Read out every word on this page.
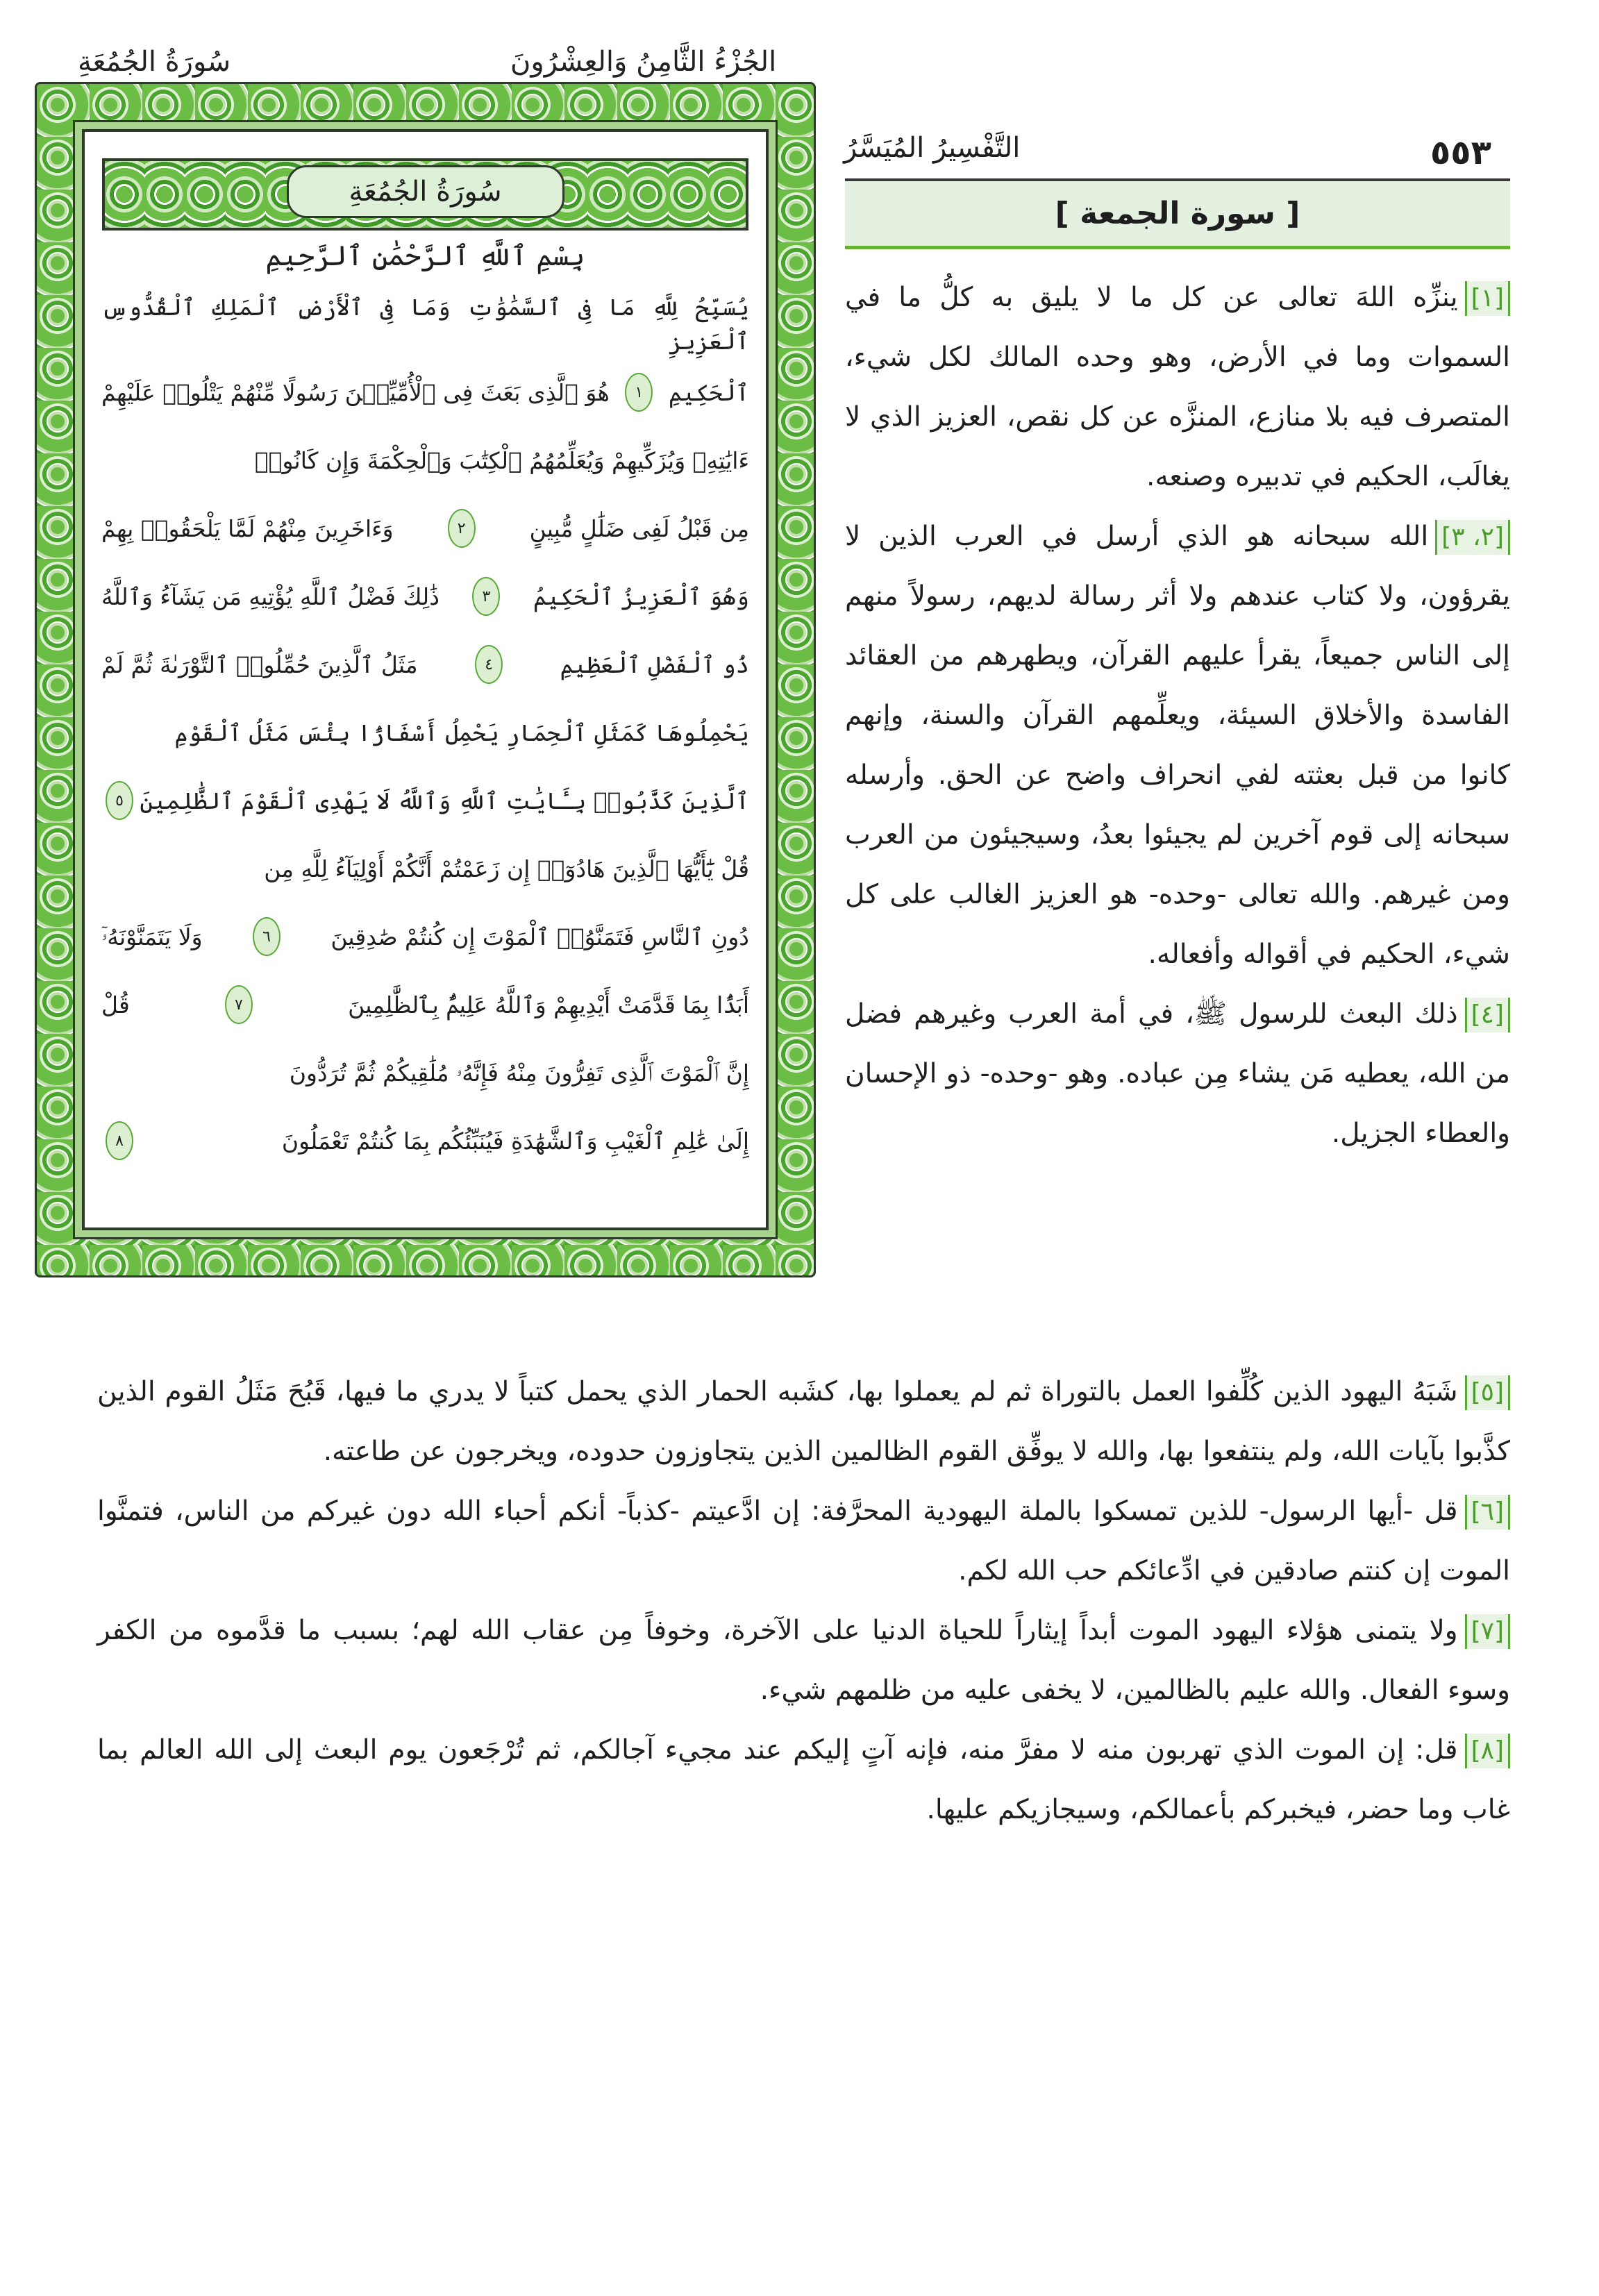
الجُزْءُ الثَّامِنُ وَالعِشْرُونَ
سُورَةُ الجُمُعَةِ
سُورَةُ الجُمُعَةِ
بِسْمِ ٱللَّهِ ٱلرَّحْمَٰنِ ٱلرَّحِيمِ
يُسَبِّحُ لِلَّهِ مَا فِى ٱلسَّمَٰوَٰتِ وَمَا فِى ٱلْأَرْضِ ٱلْمَلِكِ ٱلْقُدُّوسِ ٱلْعَزِيزِ
ٱلْحَكِيمِ
١
هُوَ ٱلَّذِى بَعَثَ فِى ٱلْأُمِّيِّـۧنَ رَسُولًا مِّنْهُمْ يَتْلُوا۟ عَلَيْهِمْ
ءَايَٰتِهِۦ وَيُزَكِّيهِمْ وَيُعَلِّمُهُمُ ٱلْكِتَٰبَ وَٱلْحِكْمَةَ وَإِن كَانُوا۟
مِن قَبْلُ لَفِى ضَلَٰلٍ مُّبِينٍ
٢
وَءَاخَرِينَ مِنْهُمْ لَمَّا يَلْحَقُوا۟ بِهِمْ
وَهُوَ ٱلْعَزِيزُ ٱلْحَكِيمُ
٣
ذَٰلِكَ فَضْلُ ٱللَّهِ يُؤْتِيهِ مَن يَشَآءُ وَٱللَّهُ
ذُو ٱلْفَضْلِ ٱلْعَظِيمِ
٤
مَثَلُ ٱلَّذِينَ حُمِّلُوا۟ ٱلتَّوْرَىٰةَ ثُمَّ لَمْ
يَحْمِلُوهَا كَمَثَلِ ٱلْحِمَارِ يَحْمِلُ أَسْفَارًۢا بِئْسَ مَثَلُ ٱلْقَوْمِ
ٱلَّذِينَ كَذَّبُوا۟ بِـَٔايَٰتِ ٱللَّهِ وَٱللَّهُ لَا يَهْدِى ٱلْقَوْمَ ٱلظَّٰلِمِينَ
٥
قُلْ يَٰٓأَيُّهَا ٱلَّذِينَ هَادُوٓا۟ إِن زَعَمْتُمْ أَنَّكُمْ أَوْلِيَآءُ لِلَّهِ مِن
دُونِ ٱلنَّاسِ فَتَمَنَّوُا۟ ٱلْمَوْتَ إِن كُنتُمْ صَٰدِقِينَ
٦
وَلَا يَتَمَنَّوْنَهُۥٓ
أَبَدًۢا بِمَا قَدَّمَتْ أَيْدِيهِمْ وَٱللَّهُ عَلِيمٌۢ بِٱلظَّٰلِمِينَ
٧
قُلْ
إِنَّ ٱلْمَوْتَ ٱلَّذِى تَفِرُّونَ مِنْهُ فَإِنَّهُۥ مُلَٰقِيكُمْ ثُمَّ تُرَدُّونَ
إِلَىٰ عَٰلِمِ ٱلْغَيْبِ وَٱلشَّهَٰدَةِ فَيُنَبِّئُكُم بِمَا كُنتُمْ تَعْمَلُونَ
٨
٥٥٣
التَّفْسِيرُ المُيَسَّرُ
[ سورة الجمعة ]

[١]ينزِّه اللهَ تعالى عن كل ما لا يليق به كلُّ ما في السموات وما في الأرض، وهو وحده المالك لكل شيء، المتصرف فيه بلا منازع، المنزَّه عن كل نقص، العزيز الذي لا يغالَب، الحكيم في تدبيره وصنعه.

[٢، ٣]الله سبحانه هو الذي أرسل في العرب الذين لا يقرؤون، ولا كتاب عندهم ولا أثر رسالة لديهم، رسولاً منهم إلى الناس جميعاً، يقرأ عليهم القرآن، ويطهرهم من العقائد الفاسدة والأخلاق السيئة، ويعلِّمهم القرآن والسنة، وإنهم كانوا من قبل بعثته لفي انحراف واضح عن الحق. وأرسله سبحانه إلى قوم آخرين لم يجيئوا بعدُ، وسيجيئون من العرب ومن غيرهم. والله تعالى -وحده- هو العزيز الغالب على كل شيء، الحكيم في أقواله وأفعاله.

[٤]ذلك البعث للرسول ﷺ، في أمة العرب وغيرهم فضل من الله، يعطيه مَن يشاء مِن عباده. وهو -وحده- ذو الإحسان والعطاء الجزيل.

[٥]شَبَهُ اليهود الذين كُلِّفوا العمل بالتوراة ثم لم يعملوا بها، كشَبه الحمار الذي يحمل كتباً لا يدري ما فيها، قَبُحَ مَثَلُ القوم الذين كذَّبوا بآيات الله، ولم ينتفعوا بها، والله لا يوفِّق القوم الظالمين الذين يتجاوزون حدوده، ويخرجون عن طاعته.

[٦]قل -أيها الرسول- للذين تمسكوا بالملة اليهودية المحرَّفة: إن ادَّعيتم -كذباً- أنكم أحباء الله دون غيركم من الناس، فتمنَّوا الموت إن كنتم صادقين في ادِّعائكم حب الله لكم.

[٧]ولا يتمنى هؤلاء اليهود الموت أبداً إيثاراً للحياة الدنيا على الآخرة، وخوفاً مِن عقاب الله لهم؛ بسبب ما قدَّموه من الكفر وسوء الفعال. والله عليم بالظالمين، لا يخفى عليه من ظلمهم شيء.

[٨]قل: إن الموت الذي تهربون منه لا مفرَّ منه، فإنه آتٍ إليكم عند مجيء آجالكم، ثم تُرْجَعون يوم البعث إلى الله العالم بما غاب وما حضر، فيخبركم بأعمالكم، وسيجازيكم عليها.
